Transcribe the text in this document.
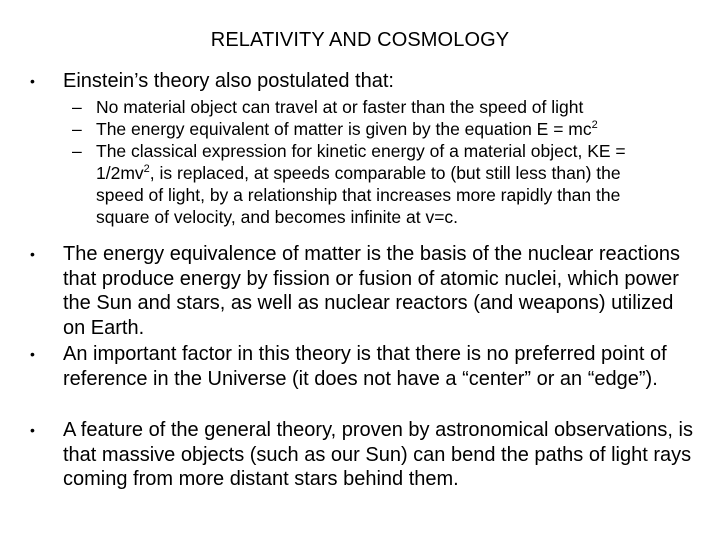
RELATIVITY AND COSMOLOGY
•	Einstein’s theory also postulated that:
– No material object can travel at or faster than the speed of light
– The energy equivalent of matter is given by the equation $E = mc^2$
– The classical expression for kinetic energy of a material object, KE = $1/2mv^2$, is replaced, at speeds comparable to (but still less than) the speed of light, by a relationship that increases more rapidly than the square of velocity, and becomes infinite at v=c.
•	The energy equivalence of matter is the basis of the nuclear reactions that produce energy by fission or fusion of atomic nuclei, which power the Sun and stars, as well as nuclear reactors (and weapons) utilized on Earth.
•	An important factor in this theory is that there is no preferred point of reference in the Universe (it does not have a “center” or an “edge”).
•	A feature of the general theory, proven by astronomical observations, is that massive objects (such as our Sun) can bend the paths of light rays coming from more distant stars behind them.
